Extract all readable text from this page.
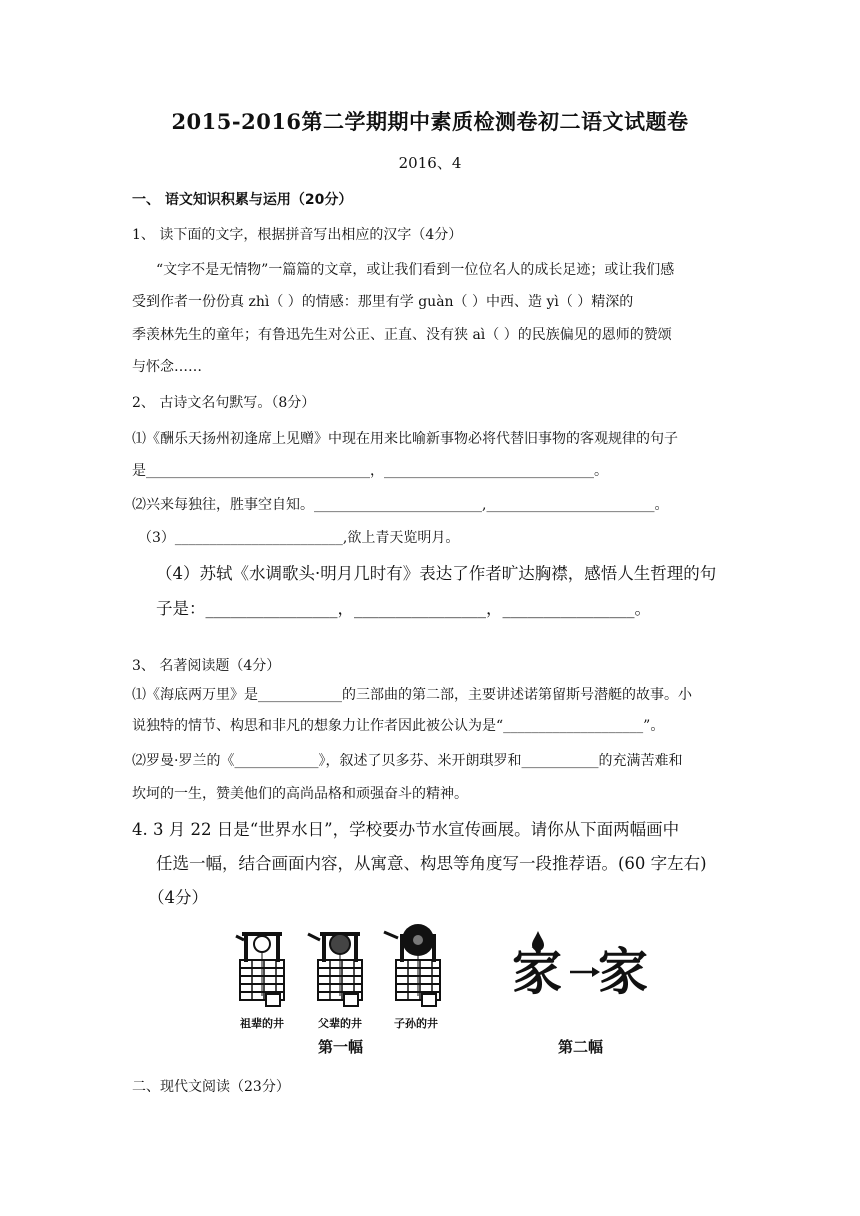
2015-2016第二学期期中素质检测卷初二语文试题卷
2016、4
一、 语文知识积累与运用（20分）
1、 读下面的文字，根据拼音写出相应的汉字（4分）
“文字不是无情物”一篇篇的文章，或让我们看到一位位名人的成长足迹；或让我们感
受到作者一份份真 zhì（ ）的情感：那里有学 guàn（ ）中西、造 yì（ ）精深的
季羡林先生的童年；有鲁迅先生对公正、正直、没有狭 aì（ ）的民族偏见的恩师的赞颂
与怀念……
2、 古诗文名句默写。（8分）
⑴《酬乐天扬州初逢席上见赠》中现在用来比喻新事物必将代替旧事物的客观规律的句子
是________________________________，______________________________。
⑵兴来每独往，胜事空自知。________________________,________________________。
（3）________________________,欲上青天览明月。
（4）苏轼《水调歌头·明月几时有》表达了作者旷达胸襟，感悟人生哲理的句
子是：________________，________________，________________。
3、 名著阅读题（4分）
⑴《海底两万里》是____________的三部曲的第二部，主要讲述诺第留斯号潜艇的故事。小
说独特的情节、构思和非凡的想象力让作者因此被公认为是“____________________”。
⑵罗曼·罗兰的《____________》，叙述了贝多芬、米开朗琪罗和___________的充满苦难和
坎坷的一生，赞美他们的高尚品格和顽强奋斗的精神。
4. 3 月 22 日是“世界水日”，学校要办节水宣传画展。请你从下面两幅画中
任选一幅，结合画面内容，从寓意、构思等角度写一段推荐语。(60 字左右)
（4分）
祖辈的井	父辈的井	子孙的井
第一幅
家 家
第二幅
二、现代文阅读（23分）
